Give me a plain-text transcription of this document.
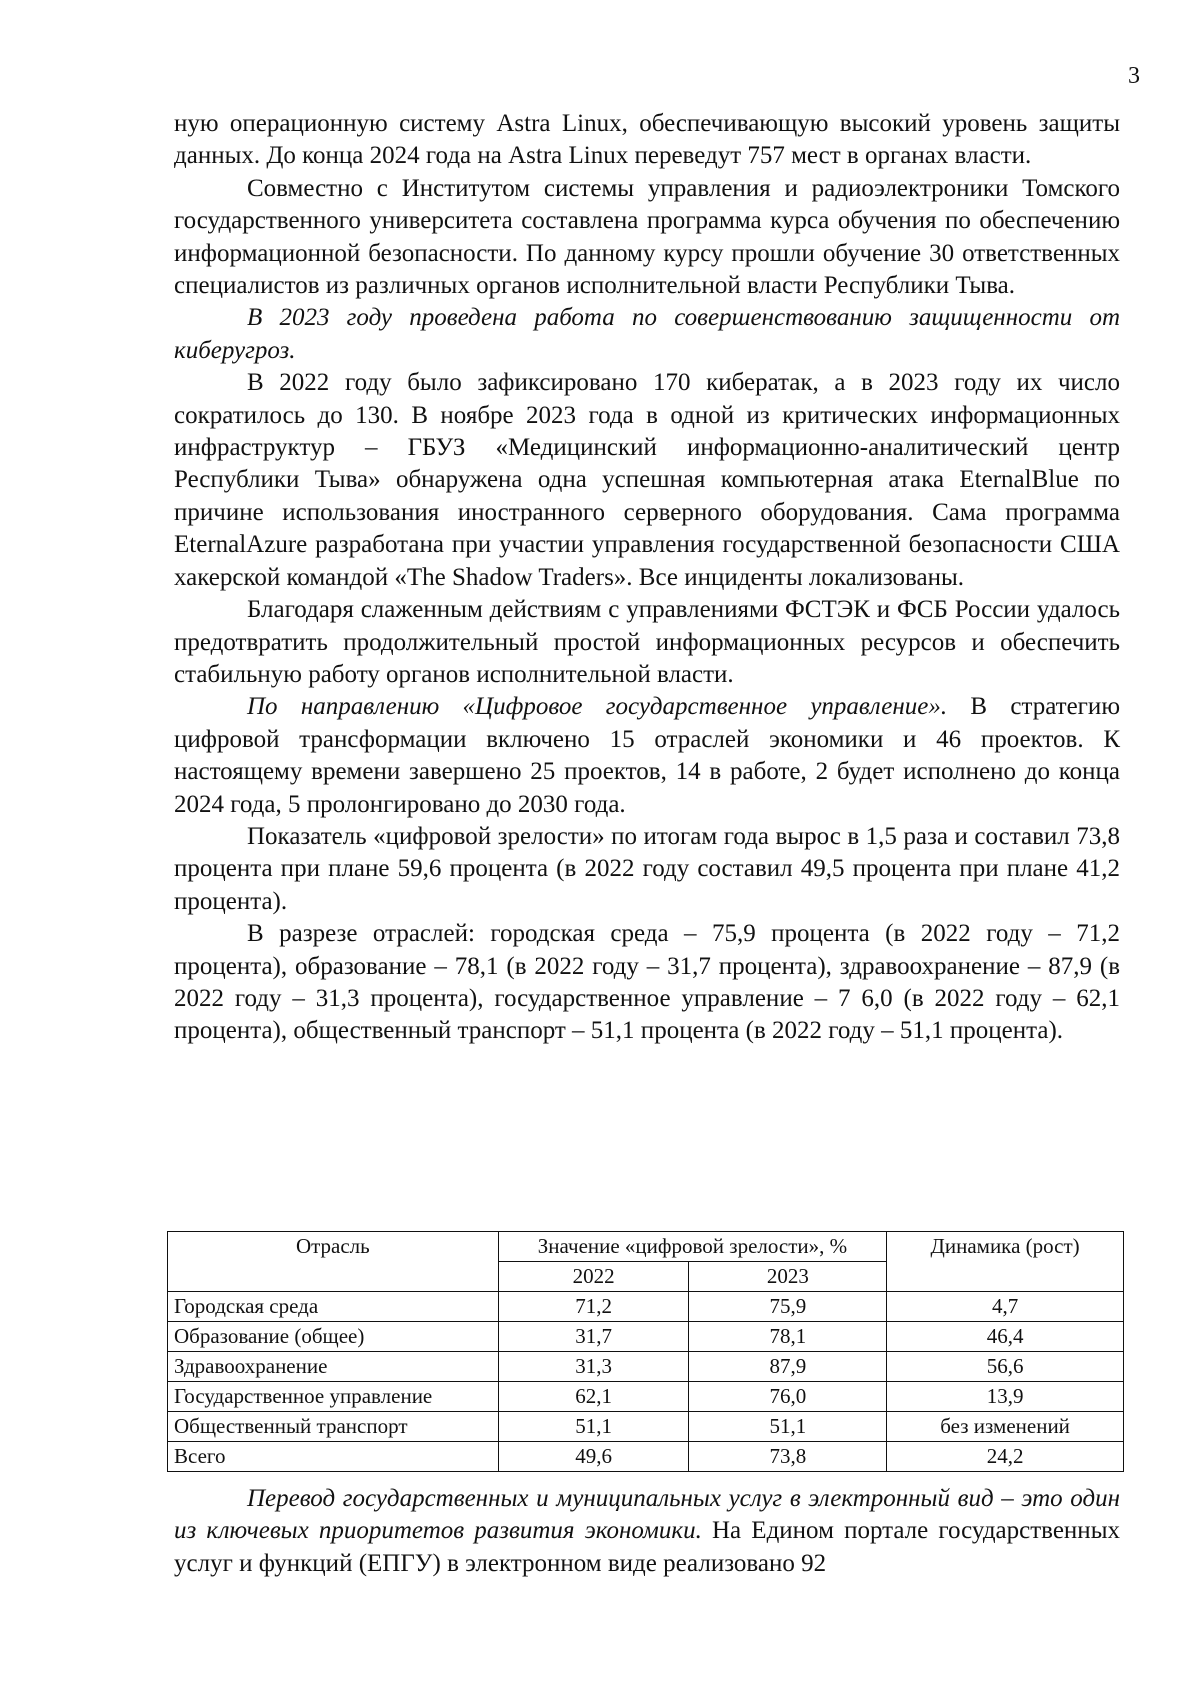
3

ную операционную систему Astra Linux, обеспечивающую высокий уровень защиты данных. До конца 2024 года на Astra Linux переведут 757 мест в органах власти.

Совместно с Институтом системы управления и радиоэлектроники Томского государственного университета составлена программа курса обучения по обеспечению информационной безопасности. По данному курсу прошли обучение 30 ответственных специалистов из различных органов исполнительной власти Республики Тыва.

В 2023 году проведена работа по совершенствованию защищенности от киберугроз.

В 2022 году было зафиксировано 170 кибератак, а в 2023 году их число сократилось до 130. В ноябре 2023 года в одной из критических информационных инфраструктур – ГБУЗ «Медицинский информационно-аналитический центр Республики Тыва» обнаружена одна успешная компьютерная атака EternalBlue по причине использования иностранного серверного оборудования. Сама программа EternalAzure разработана при участии управления государственной безопасности США хакерской командой «The Shadow Traders». Все инциденты локализованы.

Благодаря слаженным действиям с управлениями ФСТЭК и ФСБ России удалось предотвратить продолжительный простой информационных ресурсов и обеспечить стабильную работу органов исполнительной власти.

По направлению «Цифровое государственное управление». В стратегию цифровой трансформации включено 15 отраслей экономики и 46 проектов. К настоящему времени завершено 25 проектов, 14 в работе, 2 будет исполнено до конца 2024 года, 5 пролонгировано до 2030 года.

Показатель «цифровой зрелости» по итогам года вырос в 1,5 раза и составил 73,8 процента при плане 59,6 процента (в 2022 году составил 49,5 процента при плане 41,2 процента).

В разрезе отраслей: городская среда – 75,9 процента (в 2022 году – 71,2 процента), образование – 78,1 (в 2022 году – 31,7 процента), здравоохранение – 87,9 (в 2022 году – 31,3 процента), государственное управление – 7 6,0 (в 2022 году – 62,1 процента), общественный транспорт – 51,1 процента (в 2022 году – 51,1 процента).

Отрасль	Значение «цифровой зрелости», %		Динамика (рост)
	2022	2023	
Городская среда	71,2	75,9	4,7
Образование (общее)	31,7	78,1	46,4
Здравоохранение	31,3	87,9	56,6
Государственное управление	62,1	76,0	13,9
Общественный транспорт	51,1	51,1	без изменений
Всего	49,6	73,8	24,2

Перевод государственных и муниципальных услуг в электронный вид – это один из ключевых приоритетов развития экономики. На Едином портале государственных услуг и функций (ЕПГУ) в электронном виде реализовано 92
